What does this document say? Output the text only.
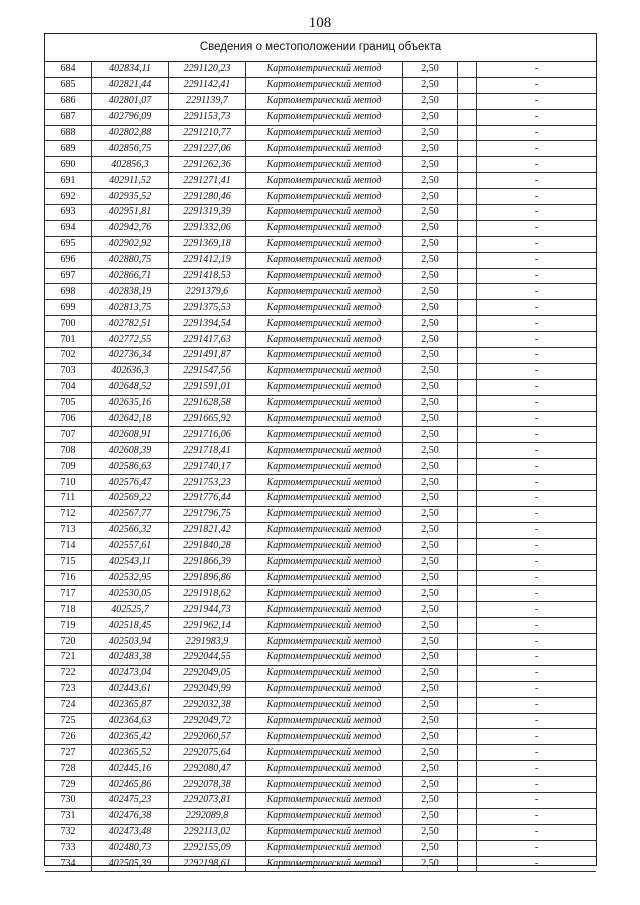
108
Сведения о местоположении границ объекта
684	402834,11	2291120,23	Картометрический метод	2,50		-
685	402821,44	2291142,41	Картометрический метод	2,50		-
686	402801,07	2291139,7	Картометрический метод	2,50		-
687	402796,09	2291153,73	Картометрический метод	2,50		-
688	402802,88	2291210,77	Картометрический метод	2,50		-
689	402856,75	2291227,06	Картометрический метод	2,50		-
690	402856,3	2291262,36	Картометрический метод	2,50		-
691	402911,52	2291271,41	Картометрический метод	2,50		-
692	402935,52	2291280,46	Картометрический метод	2,50		-
693	402951,81	2291319,39	Картометрический метод	2,50		-
694	402942,76	2291332,06	Картометрический метод	2,50		-
695	402902,92	2291369,18	Картометрический метод	2,50		-
696	402880,75	2291412,19	Картометрический метод	2,50		-
697	402866,71	2291418,53	Картометрический метод	2,50		-
698	402838,19	2291379,6	Картометрический метод	2,50		-
699	402813,75	2291375,53	Картометрический метод	2,50		-
700	402782,51	2291394,54	Картометрический метод	2,50		-
701	402772,55	2291417,63	Картометрический метод	2,50		-
702	402736,34	2291491,87	Картометрический метод	2,50		-
703	402636,3	2291547,56	Картометрический метод	2,50		-
704	402648,52	2291591,01	Картометрический метод	2,50		-
705	402635,16	2291628,58	Картометрический метод	2,50		-
706	402642,18	2291665,92	Картометрический метод	2,50		-
707	402608,91	2291716,06	Картометрический метод	2,50		-
708	402608,39	2291718,41	Картометрический метод	2,50		-
709	402586,63	2291740,17	Картометрический метод	2,50		-
710	402576,47	2291753,23	Картометрический метод	2,50		-
711	402569,22	2291776,44	Картометрический метод	2,50		-
712	402567,77	2291796,75	Картометрический метод	2,50		-
713	402566,32	2291821,42	Картометрический метод	2,50		-
714	402557,61	2291840,28	Картометрический метод	2,50		-
715	402543,11	2291866,39	Картометрический метод	2,50		-
716	402532,95	2291896,86	Картометрический метод	2,50		-
717	402530,05	2291918,62	Картометрический метод	2,50		-
718	402525,7	2291944,73	Картометрический метод	2,50		-
719	402518,45	2291962,14	Картометрический метод	2,50		-
720	402503,94	2291983,9	Картометрический метод	2,50		-
721	402483,38	2292044,55	Картометрический метод	2,50		-
722	402473,04	2292049,05	Картометрический метод	2,50		-
723	402443,61	2292049,99	Картометрический метод	2,50		-
724	402365,87	2292032,38	Картометрический метод	2,50		-
725	402364,63	2292049,72	Картометрический метод	2,50		-
726	402365,42	2292060,57	Картометрический метод	2,50		-
727	402365,52	2292075,64	Картометрический метод	2,50		-
728	402445,16	2292080,47	Картометрический метод	2,50		-
729	402465,86	2292078,38	Картометрический метод	2,50		-
730	402475,23	2292073,81	Картометрический метод	2,50		-
731	402476,38	2292089,8	Картометрический метод	2,50		-
732	402473,48	2292113,02	Картометрический метод	2,50		-
733	402480,73	2292155,09	Картометрический метод	2,50		-
734	402505,39	2292198,61	Картометрический метод	2,50		-
